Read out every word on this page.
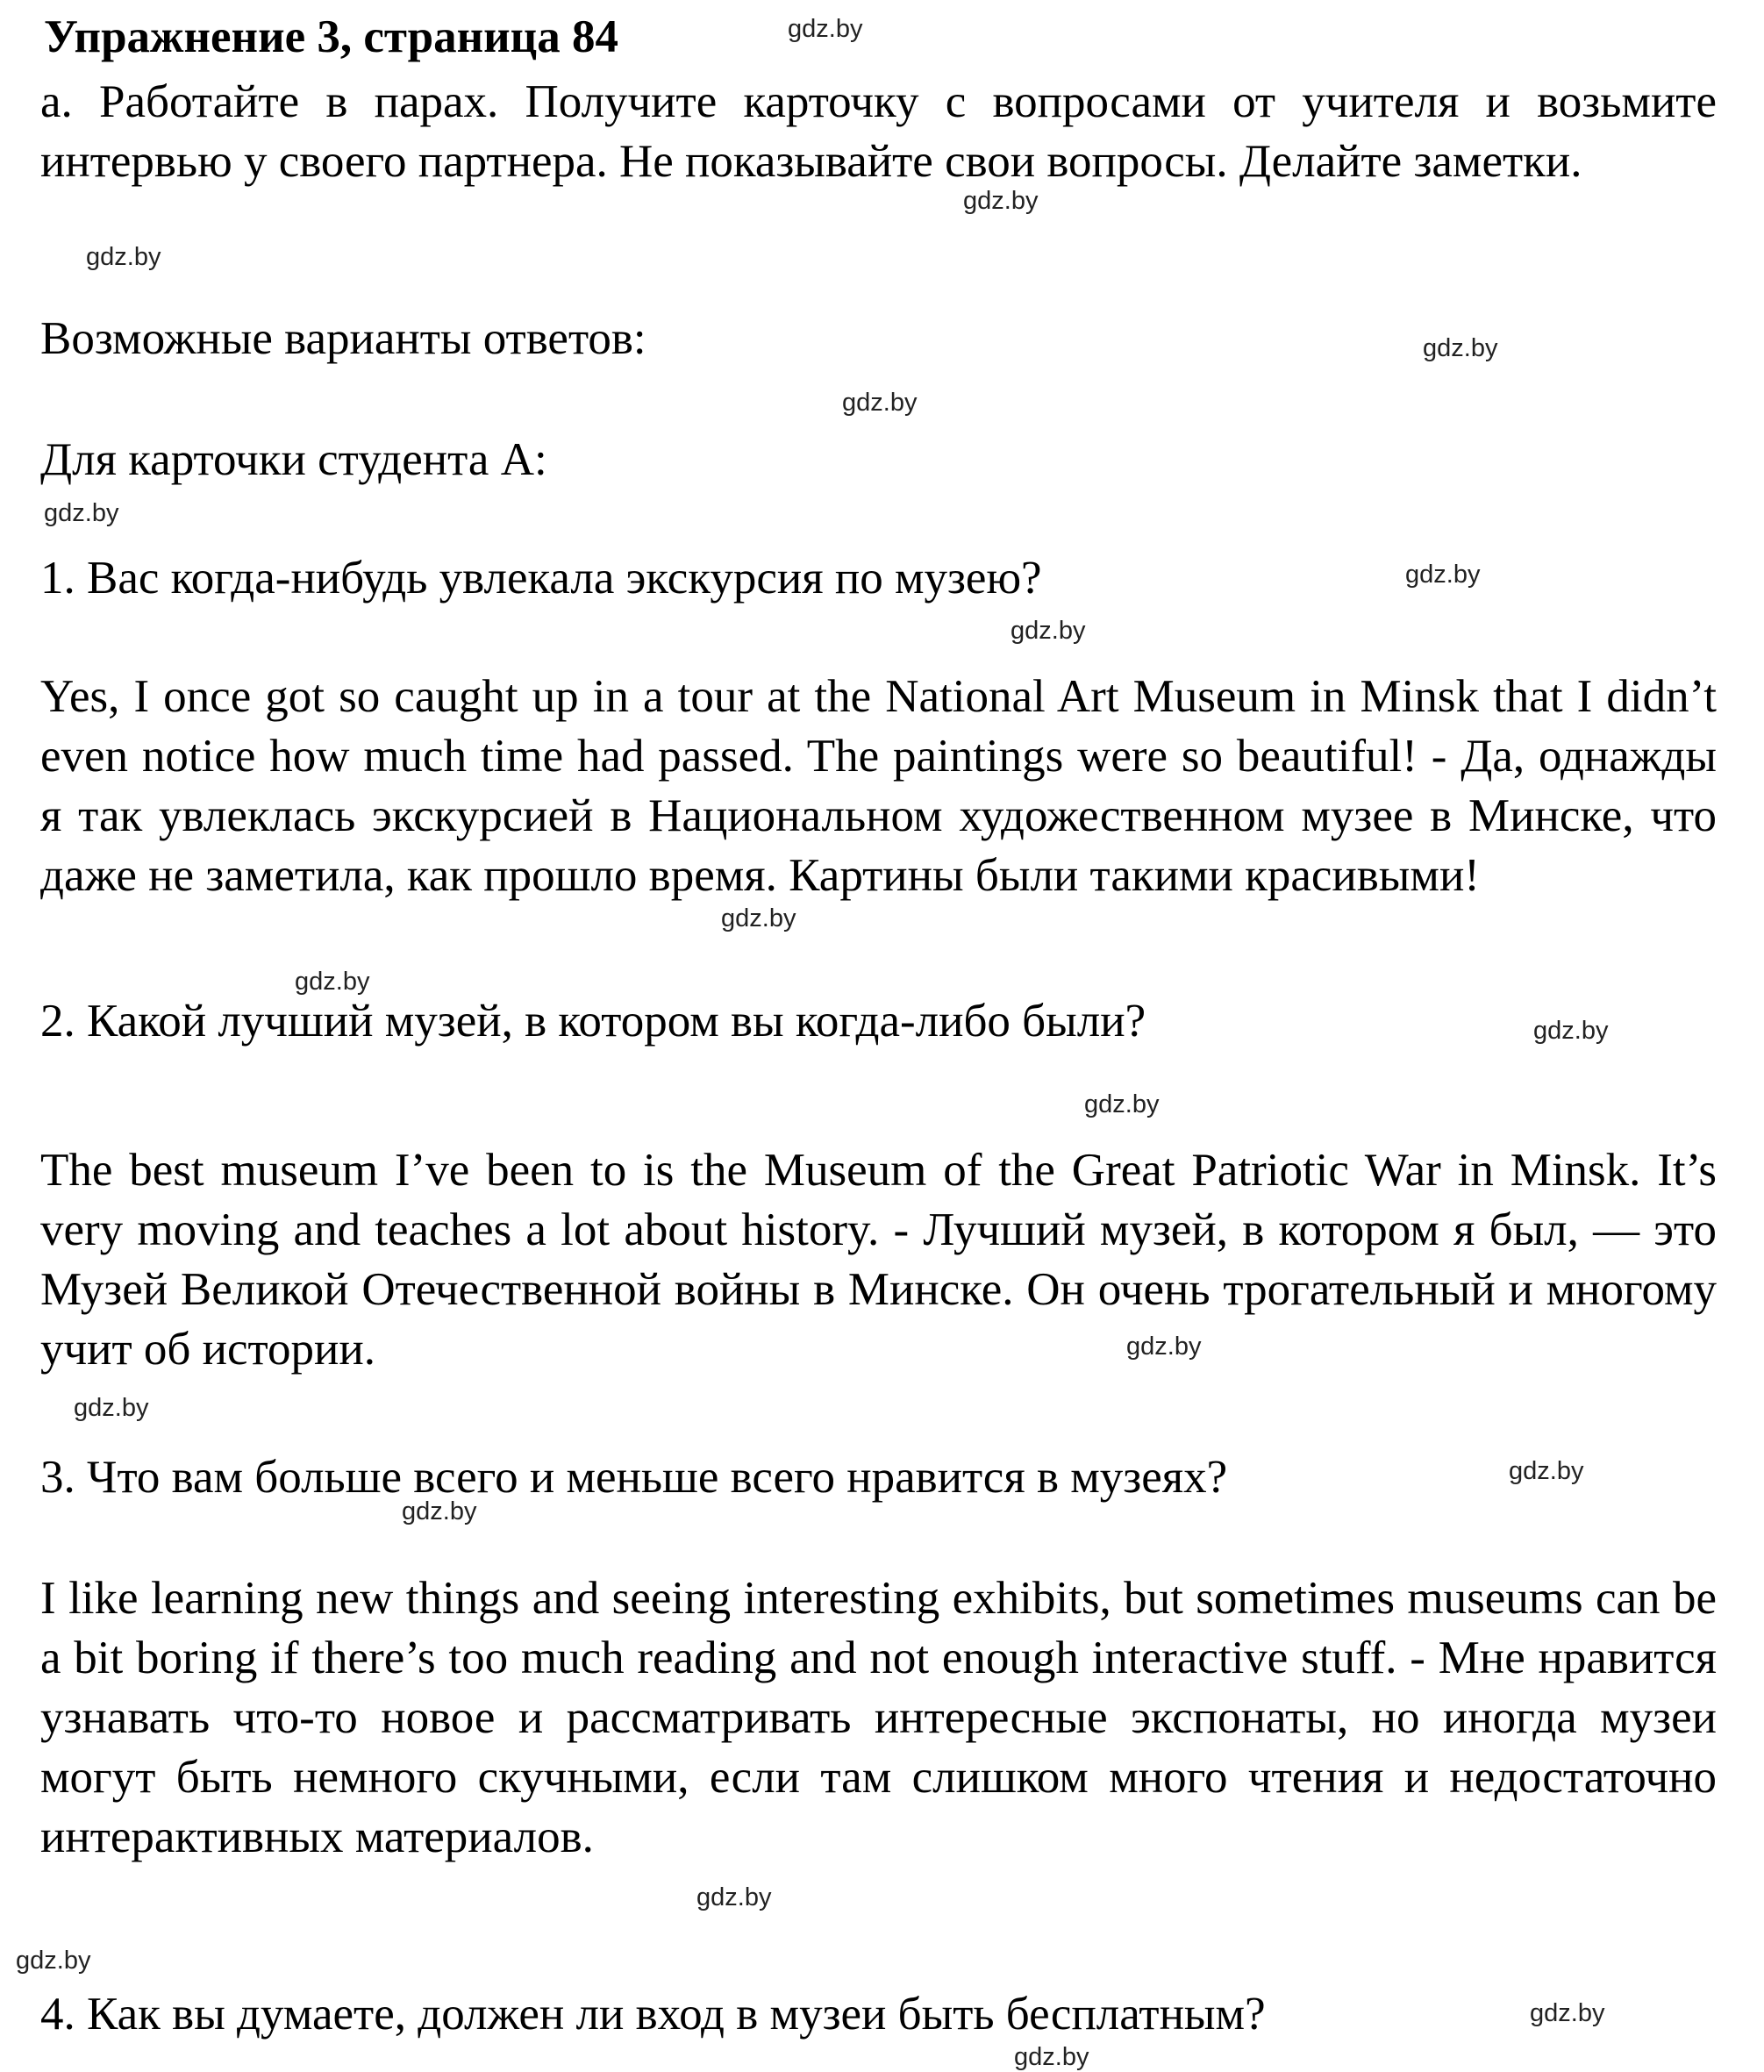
Упражнение 3, страница 84

a. Работайте в парах. Получите карточку с вопросами от учителя и возьмите интервью у своего партнера. Не показывайте свои вопросы. Делайте заметки.

Возможные варианты ответов:

Для карточки студента А:

1. Вас когда-нибудь увлекала экскурсия по музею?

Yes, I once got so caught up in a tour at the National Art Museum in Minsk that I didn’t even notice how much time had passed. The paintings were so beautiful! - Да, однажды я так увлеклась экскурсией в Национальном художественном музее в Минске, что даже не заметила, как прошло время. Картины были такими красивыми!

2. Какой лучший музей, в котором вы когда-либо были?

The best museum I’ve been to is the Museum of the Great Patriotic War in Minsk. It’s very moving and teaches a lot about history. - Лучший музей, в котором я был, — это Музей Великой Отечественной войны в Минске. Он очень трогательный и многому учит об истории.

3. Что вам больше всего и меньше всего нравится в музеях?

I like learning new things and seeing interesting exhibits, but sometimes museums can be a bit boring if there’s too much reading and not enough interactive stuff. - Мне нравится узнавать что-то новое и рассматривать интересные экспонаты, но иногда музеи могут быть немного скучными, если там слишком много чтения и недостаточно интерактивных материалов.

4. Как вы думаете, должен ли вход в музеи быть бесплатным?

gdz.by
gdz.by
gdz.by
gdz.by
gdz.by
gdz.by
gdz.by
gdz.by
gdz.by
gdz.by
gdz.by
gdz.by
gdz.by
gdz.by
gdz.by
gdz.by
gdz.by
gdz.by
gdz.by
gdz.by
